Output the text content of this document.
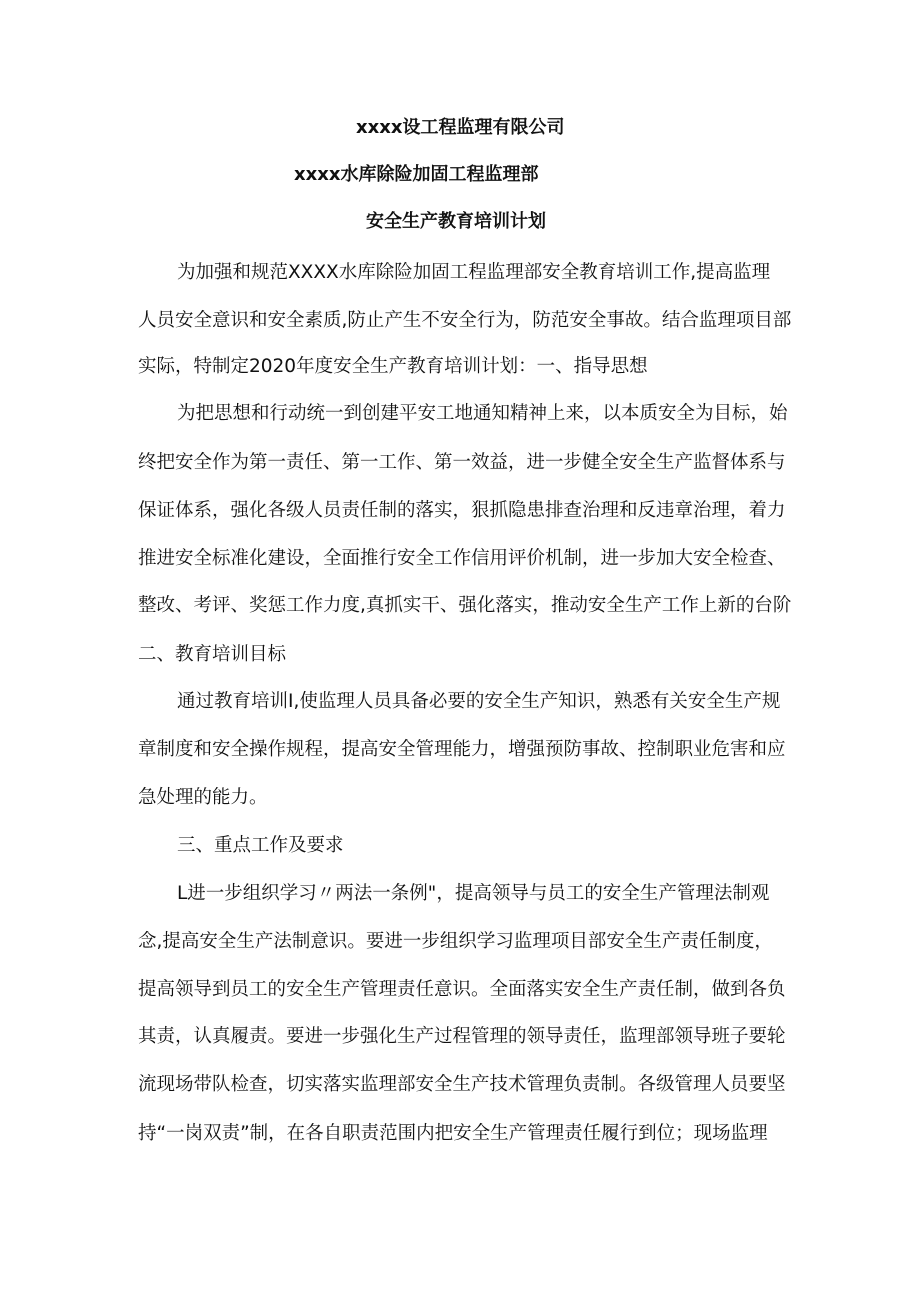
xxxx设工程监理有限公司
xxxx水库除险加固工程监理部
安全生产教育培训计划

为加强和规范XXXX水库除险加固工程监理部安全教育培训工作,提高监理

人员安全意识和安全素质,防止产生不安全行为，防范安全事故。结合监理项目部

实际，特制定2020年度安全生产教育培训计划：一、指导思想

为把思想和行动统一到创建平安工地通知精神上来，以本质安全为目标，始

终把安全作为第一责任、第一工作、第一效益，进一步健全安全生产监督体系与

保证体系，强化各级人员责任制的落实，狠抓隐患排查治理和反违章治理，着力

推进安全标准化建设，全面推行安全工作信用评价机制，进一步加大安全检查、

整改、考评、奖惩工作力度,真抓实干、强化落实，推动安全生产工作上新的台阶

二、教育培训目标

通过教育培训I,使监理人员具备必要的安全生产知识，熟悉有关安全生产规

章制度和安全操作规程，提高安全管理能力，增强预防事故、控制职业危害和应

急处理的能力。

三、重点工作及要求

L进一步组织学习〃两法一条例"，提高领导与员工的安全生产管理法制观

念,提高安全生产法制意识。要进一步组织学习监理项目部安全生产责任制度，

提高领导到员工的安全生产管理责任意识。全面落实安全生产责任制，做到各负

其责，认真履责。要进一步强化生产过程管理的领导责任，监理部领导班子要轮

流现场带队检查，切实落实监理部安全生产技术管理负责制。各级管理人员要坚

持“一岗双责”制，在各自职责范围内把安全生产管理责任履行到位；现场监理
